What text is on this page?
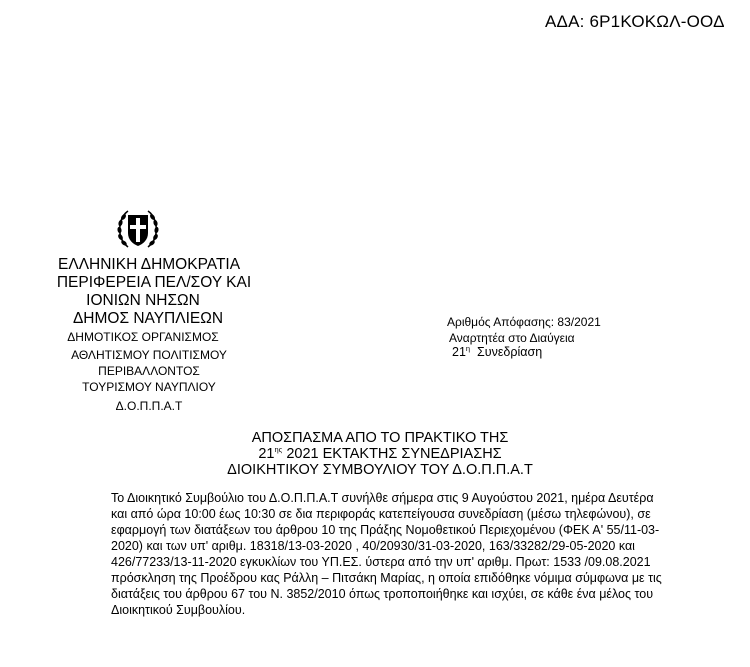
ΑΔΑ: 6Ρ1ΚΟΚΩΛ-ΟΟΔ
ΕΛΛΗΝΙΚΗ ΔΗΜΟΚΡΑΤΙΑ
ΠΕΡΙΦΕΡΕΙΑ ΠΕΛ/ΣΟΥ ΚΑΙ
ΙΟΝΙΩΝ ΝΗΣΩΝ
ΔΗΜΟΣ ΝΑΥΠΛΙΕΩΝ
ΔΗΜΟΤΙΚΟΣ ΟΡΓΑΝΙΣΜΟΣ
ΑΘΛΗΤΙΣΜΟΥ ΠΟΛΙΤΙΣΜΟΥ
ΠΕΡΙΒΑΛΛΟΝΤΟΣ
ΤΟΥΡΙΣΜΟΥ ΝΑΥΠΛΙΟΥ
Δ.Ο.Π.Π.Α.Τ
Αριθμός Απόφασης: 83/2021
Αναρτητέα στο Διαύγεια
$21^\eta$ Συνεδρίαση
ΑΠΟΣΠΑΣΜΑ ΑΠΟ ΤΟ ΠΡΑΚΤΙΚΟ ΤΗΣ
$21^{\eta\varsigma}$ 2021 ΕΚΤΑΚΤΗΣ ΣΥΝΕΔΡΙΑΣΗΣ
ΔΙΟΙΚΗΤΙΚΟΥ ΣΥΜΒΟΥΛΙΟΥ ΤΟΥ Δ.Ο.Π.Π.Α.Τ
Το Διοικητικό Συμβούλιο του Δ.Ο.Π.Π.Α.Τ συνήλθε σήμερα στις 9 Αυγούστου 2021, ημέρα Δευτέρα
και από ώρα 10:00 έως 10:30 σε δια περιφοράς κατεπείγουσα συνεδρίαση (μέσω τηλεφώνου), σε
εφαρμογή των διατάξεων του άρθρου 10 της Πράξης Νομοθετικού Περιεχομένου (ΦΕΚ Α' 55/11-03-
2020) και των υπ' αριθμ. 18318/13-03-2020 , 40/20930/31-03-2020, 163/33282/29-05-2020 και
426/77233/13-11-2020 εγκυκλίων του ΥΠ.ΕΣ. ύστερα από την υπ' αριθμ. Πρωτ: 1533 /09.08.2021
πρόσκληση της Προέδρου κας Ράλλη – Πιτσάκη Μαρίας, η οποία επιδόθηκε νόμιμα σύμφωνα με τις
διατάξεις του άρθρου 67 του Ν. 3852/2010 όπως τροποποιήθηκε και ισχύει, σε κάθε ένα μέλος του
Διοικητικού Συμβουλίου.
